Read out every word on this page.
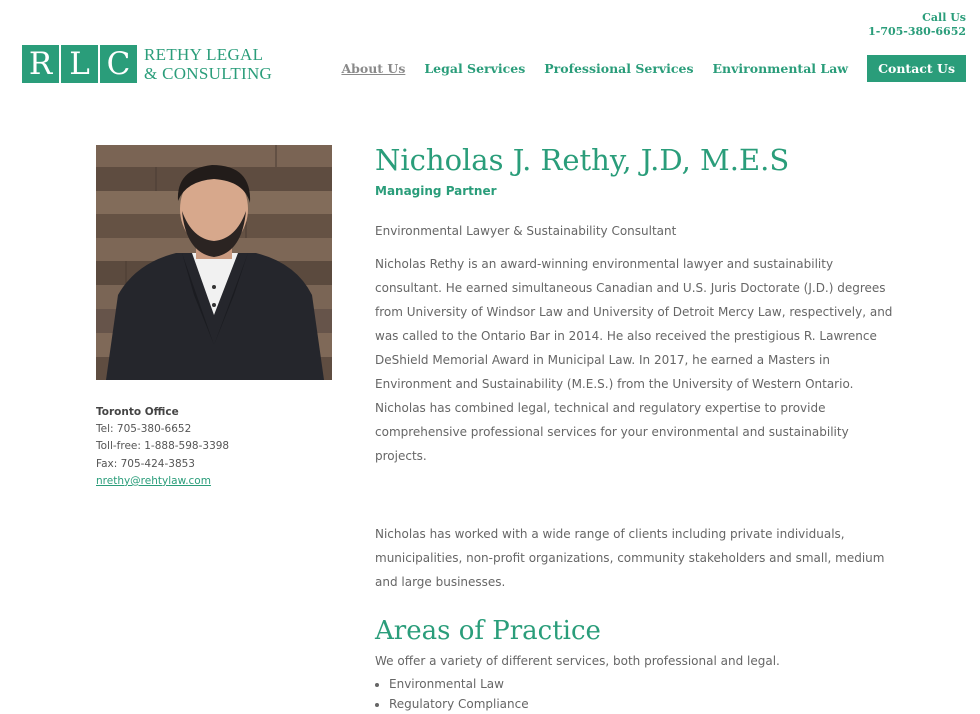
Call Us
1-705-380-6652
R L C RETHY LEGAL
& CONSULTING	About Us Legal Services Professional Services Environmental Law	Contact Us
Toronto Office
Tel: 705-380-6652
Toll-free: 1-888-598-3398
Fax: 705-424-3853
nrethy@rehtylaw.com
Nicholas J. Rethy, J.D, M.E.S
Managing Partner
Environmental Lawyer & Sustainability Consultant
Nicholas Rethy is an award-winning environmental lawyer and sustainability consultant. He earned simultaneous Canadian and U.S. Juris Doctorate (J.D.) degrees from University of Windsor Law and University of Detroit Mercy Law, respectively, and was called to the Ontario Bar in 2014. He also received the prestigious R. Lawrence DeShield Memorial Award in Municipal Law. In 2017, he earned a Masters in Environment and Sustainability (M.E.S.) from the University of Western Ontario. Nicholas has combined legal, technical and regulatory expertise to provide comprehensive professional services for your environmental and sustainability projects.
Nicholas has worked with a wide range of clients including private individuals, municipalities, non-profit organizations, community stakeholders and small, medium and large businesses.
Areas of Practice
We offer a variety of different services, both professional and legal.
• Environmental Law
• Regulatory Compliance
